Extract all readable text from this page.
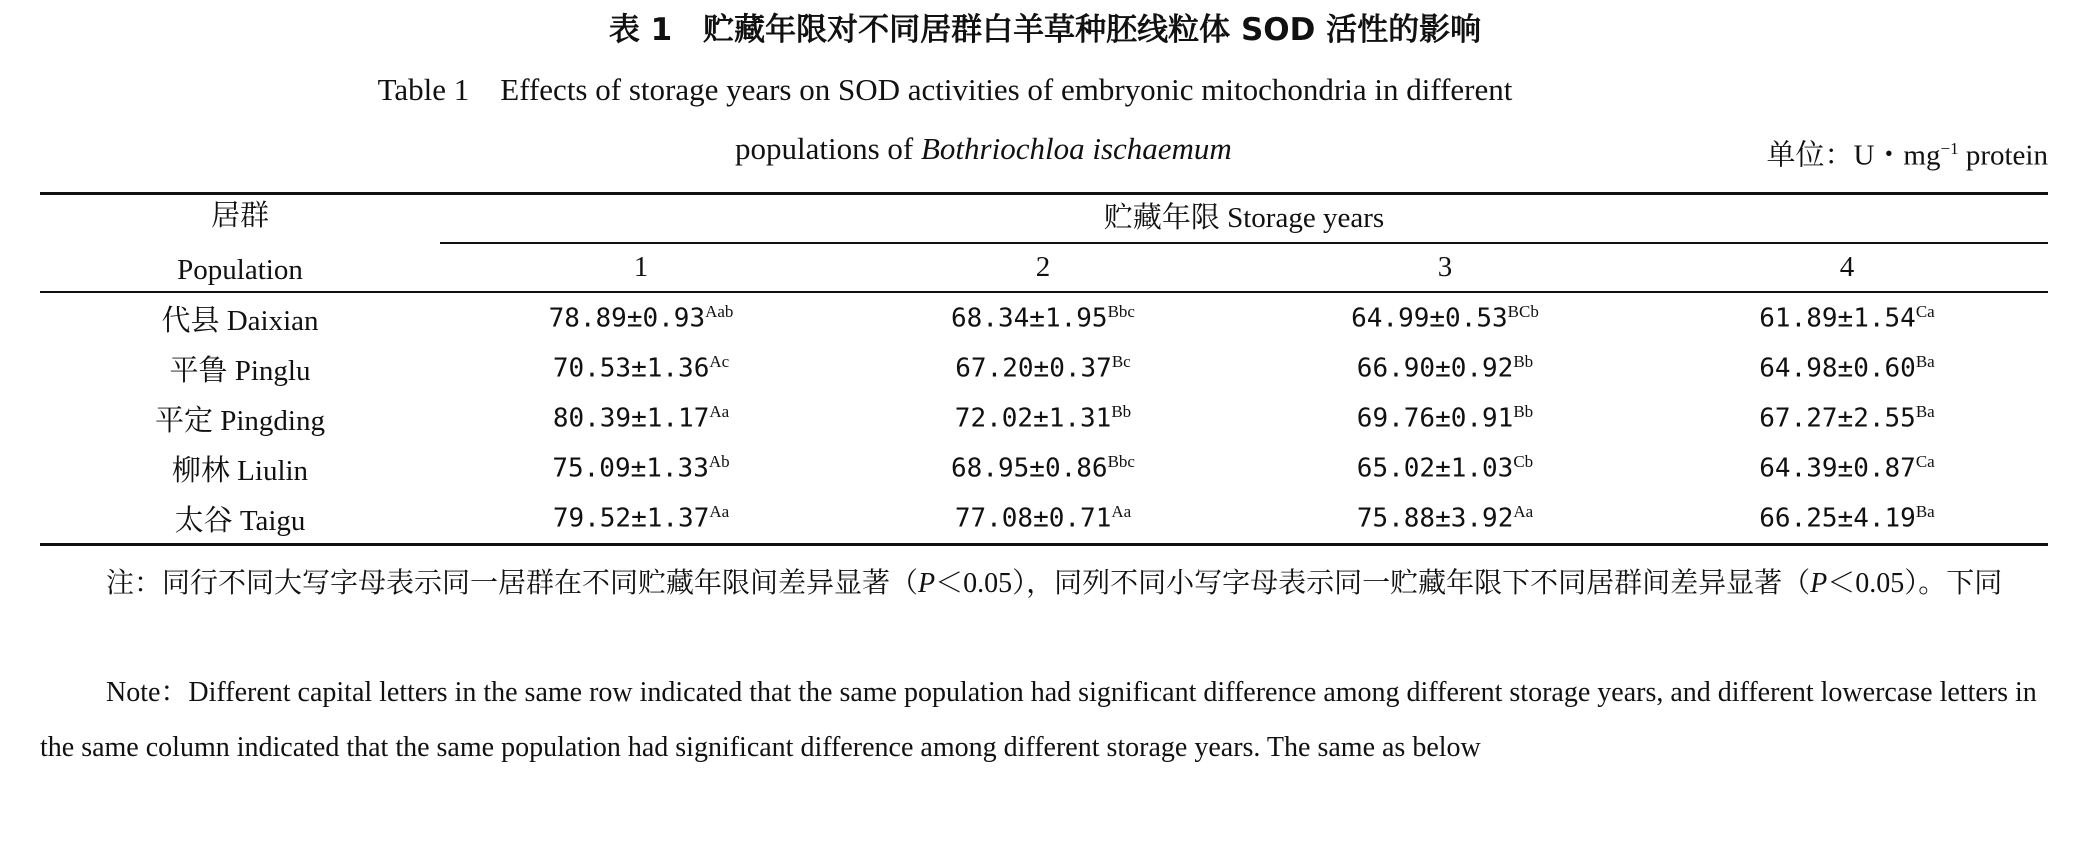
表 1　贮藏年限对不同居群白羊草种胚线粒体 SOD 活性的影响
Table 1　Effects of storage years on SOD activities of embryonic mitochondria in different
populations of Bothriochloa ischaemum	单位：U・$mg^{-1}$ protein
居群
Population
贮藏年限 Storage years
1	2	3	4
代县 Daixian	$78.89\pm 0.93^{Aab}$	$68.34\pm 1.95^{Bbc}$	$64.99\pm 0.53^{BCb}$	$61.89\pm 1.54^{Ca}$
平鲁 Pinglu	$70.53\pm 1.36^{Ac}$	$67.20\pm 0.37^{Bc}$	$66.90\pm 0.92^{Bb}$	$64.98\pm 0.60^{Ba}$
平定 Pingding	$80.39\pm 1.17^{Aa}$	$72.02\pm 1.31^{Bb}$	$69.76\pm 0.91^{Bb}$	$67.27\pm 2.55^{Ba}$
柳林 Liulin	$75.09\pm 1.33^{Ab}$	$68.95\pm 0.86^{Bbc}$	$65.02\pm 1.03^{Cb}$	$64.39\pm 0.87^{Ca}$
太谷 Taigu	$79.52\pm 1.37^{Aa}$	$77.08\pm 0.71^{Aa}$	$75.88\pm 3.92^{Aa}$	$66.25\pm 4.19^{Ba}$
注：同行不同大写字母表示同一居群在不同贮藏年限间差异显著（P＜0.05），同列不同小写字母表示同一贮藏年限下不同居群间差异显著（P＜0.05）。下同
Note：Different capital letters in the same row indicated that the same population had significant difference among different storage years, and different lowercase letters in the same column indicated that the same population had significant difference among different storage years. The same as below
